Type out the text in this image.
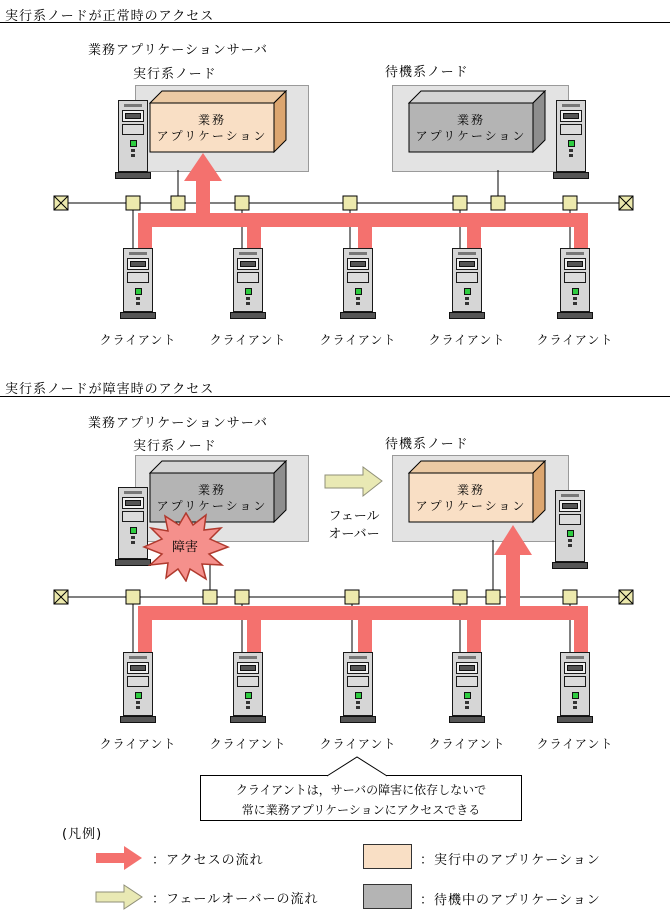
実行系ノードが正常時のアクセス
業務アプリケーションサーバ
実行系ノード	待機系ノード
業務
アプリケーション
業務
アプリケーション
クライアント	クライアント	クライアント	クライアント	クライアント
実行系ノードが障害時のアクセス
業務アプリケーションサーバ
実行系ノード	待機系ノード
業務
アプリケーション
業務
アプリケーション
フェール
オーバー
障害
クライアント	クライアント	クライアント	クライアント	クライアント
クライアントは，サーバの障害に依存しないで
常に業務アプリケーションにアクセスできる
(凡例)
：アクセスの流れ
：フェールオーバーの流れ
：実行中のアプリケーション
：待機中のアプリケーション
